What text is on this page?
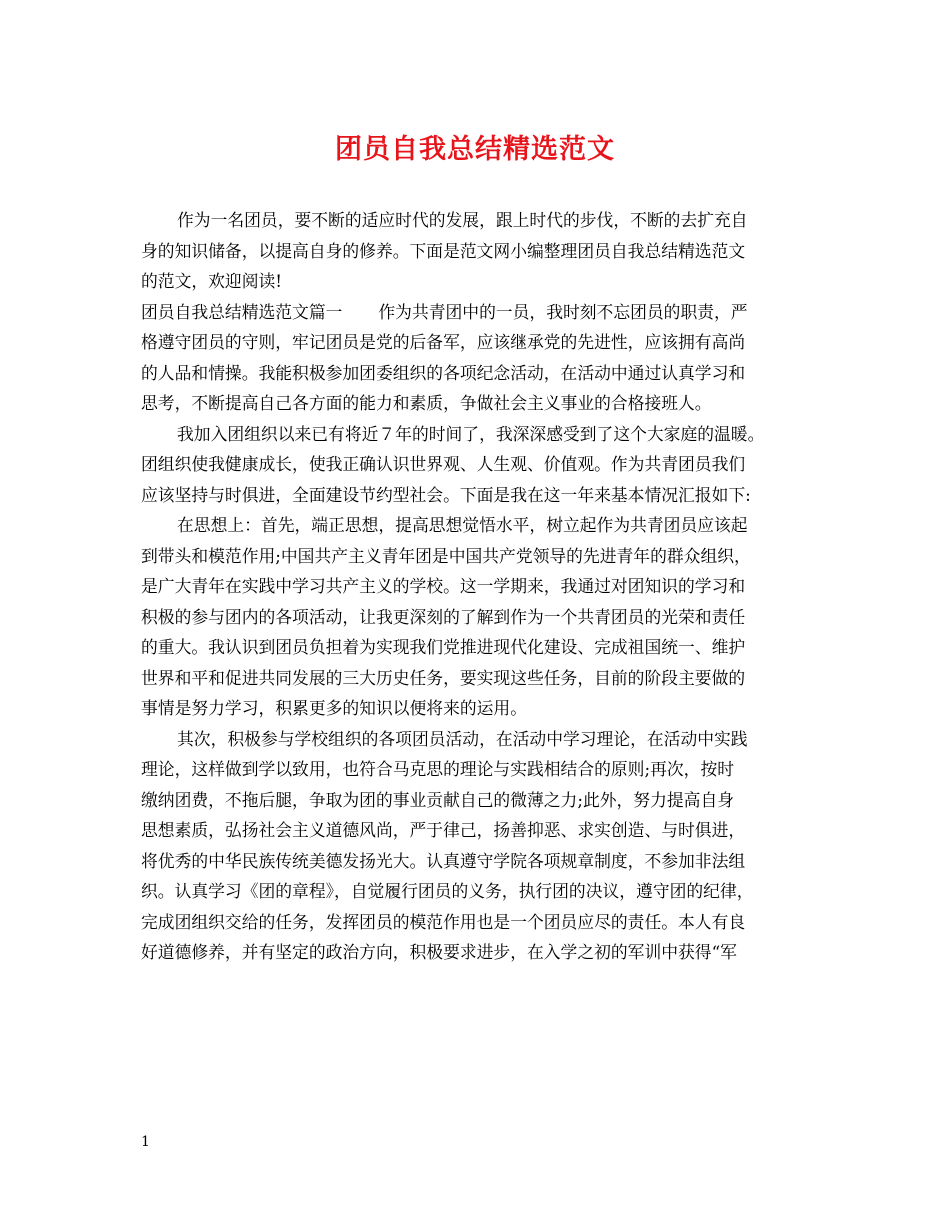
团员自我总结精选范文
作为一名团员，要不断的适应时代的发展，跟上时代的步伐，不断的去扩充自
身的知识储备，以提高自身的修养。下面是范文网小编整理团员自我总结精选范文
的范文，欢迎阅读!
团员自我总结精选范文篇一 作为共青团中的一员，我时刻不忘团员的职责，严
格遵守团员的守则，牢记团员是党的后备军，应该继承党的先进性，应该拥有高尚
的人品和情操。我能积极参加团委组织的各项纪念活动，在活动中通过认真学习和
思考，不断提高自己各方面的能力和素质，争做社会主义事业的合格接班人。
我加入团组织以来已有将近７年的时间了，我深深感受到了这个大家庭的温暖。
团组织使我健康成长，使我正确认识世界观、人生观、价值观。作为共青团员我们
应该坚持与时俱进，全面建设节约型社会。下面是我在这一年来基本情况汇报如下:
在思想上：首先，端正思想，提高思想觉悟水平，树立起作为共青团员应该起
到带头和模范作用;中国共产主义青年团是中国共产党领导的先进青年的群众组织，
是广大青年在实践中学习共产主义的学校。这一学期来，我通过对团知识的学习和
积极的参与团内的各项活动，让我更深刻的了解到作为一个共青团员的光荣和责任
的重大。我认识到团员负担着为实现我们党推进现代化建设、完成祖国统一、维护
世界和平和促进共同发展的三大历史任务，要实现这些任务，目前的阶段主要做的
事情是努力学习，积累更多的知识以便将来的运用。
其次，积极参与学校组织的各项团员活动，在活动中学习理论，在活动中实践
理论，这样做到学以致用，也符合马克思的理论与实践相结合的原则;再次，按时
缴纳团费，不拖后腿，争取为团的事业贡献自己的微薄之力;此外，努力提高自身
思想素质，弘扬社会主义道德风尚，严于律己，扬善抑恶、求实创造、与时俱进，
将优秀的中华民族传统美德发扬光大。认真遵守学院各项规章制度，不参加非法组
织。认真学习《团的章程》，自觉履行团员的义务，执行团的决议，遵守团的纪律，
完成团组织交给的任务，发挥团员的模范作用也是一个团员应尽的责任。本人有良
好道德修养，并有坚定的政治方向，积极要求进步，在入学之初的军训中获得“军
1
